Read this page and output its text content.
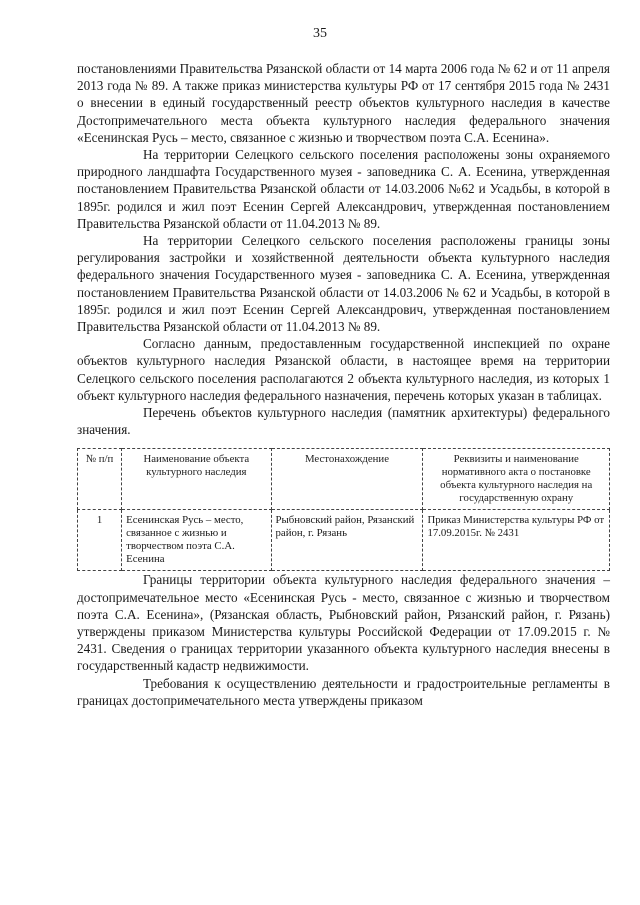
35

постановлениями Правительства Рязанской области от 14 марта 2006 года № 62 и от 11 апреля 2013 года № 89. А также приказ министерства культуры РФ от 17 сентября 2015 года № 2431 о внесении в единый государственный реестр объектов культурного наследия в качестве Достопримечательного места объекта культурного наследия федерального значения «Есенинская Русь – место, связанное с жизнью и творчеством поэта С.А. Есенина».

На территории Селецкого сельского поселения расположены зоны охраняемого природного ландшафта Государственного музея - заповедника С. А. Есенина, утвержденная постановлением Правительства Рязанской области от 14.03.2006 №62 и Усадьбы, в которой в 1895г. родился и жил поэт Есенин Сергей Александрович, утвержденная постановлением Правительства Рязанской области от 11.04.2013 № 89.

На территории Селецкого сельского поселения расположены границы зоны регулирования застройки и хозяйственной деятельности объекта культурного наследия федерального значения Государственного музея - заповедника С. А. Есенина, утвержденная постановлением Правительства Рязанской области от 14.03.2006 № 62 и Усадьбы, в которой в 1895г. родился и жил поэт Есенин Сергей Александрович, утвержденная постановлением Правительства Рязанской области от 11.04.2013 № 89.

Согласно данным, предоставленным государственной инспекцией по охране объектов культурного наследия Рязанской области, в настоящее время на территории Селецкого сельского поселения располагаются 2 объекта культурного наследия, из которых 1 объект культурного наследия федерального назначения, перечень которых указан в таблицах.

Перечень объектов культурного наследия (памятник архитектуры) федерального значения.

№ п/п	Наименование объекта культурного наследия	Местонахождение	Реквизиты и наименование нормативного акта о постановке объекта культурного наследия на государственную охрану
1	Есенинская Русь – место, связанное с жизнью и творчеством поэта С.А. Есенина	Рыбновский район, Рязанский район, г. Рязань	Приказ Министерства культуры РФ от 17.09.2015г. № 2431

Границы территории объекта культурного наследия федерального значения – достопримечательное место «Есенинская Русь - место, связанное с жизнью и творчеством поэта С.А. Есенина», (Рязанская область, Рыбновский район, Рязанский район, г. Рязань) утверждены приказом Министерства культуры Российской Федерации от 17.09.2015 г. № 2431. Сведения о границах территории указанного объекта культурного наследия внесены в государственный кадастр недвижимости.

Требования к осуществлению деятельности и градостроительные регламенты в границах достопримечательного места утверждены приказом
